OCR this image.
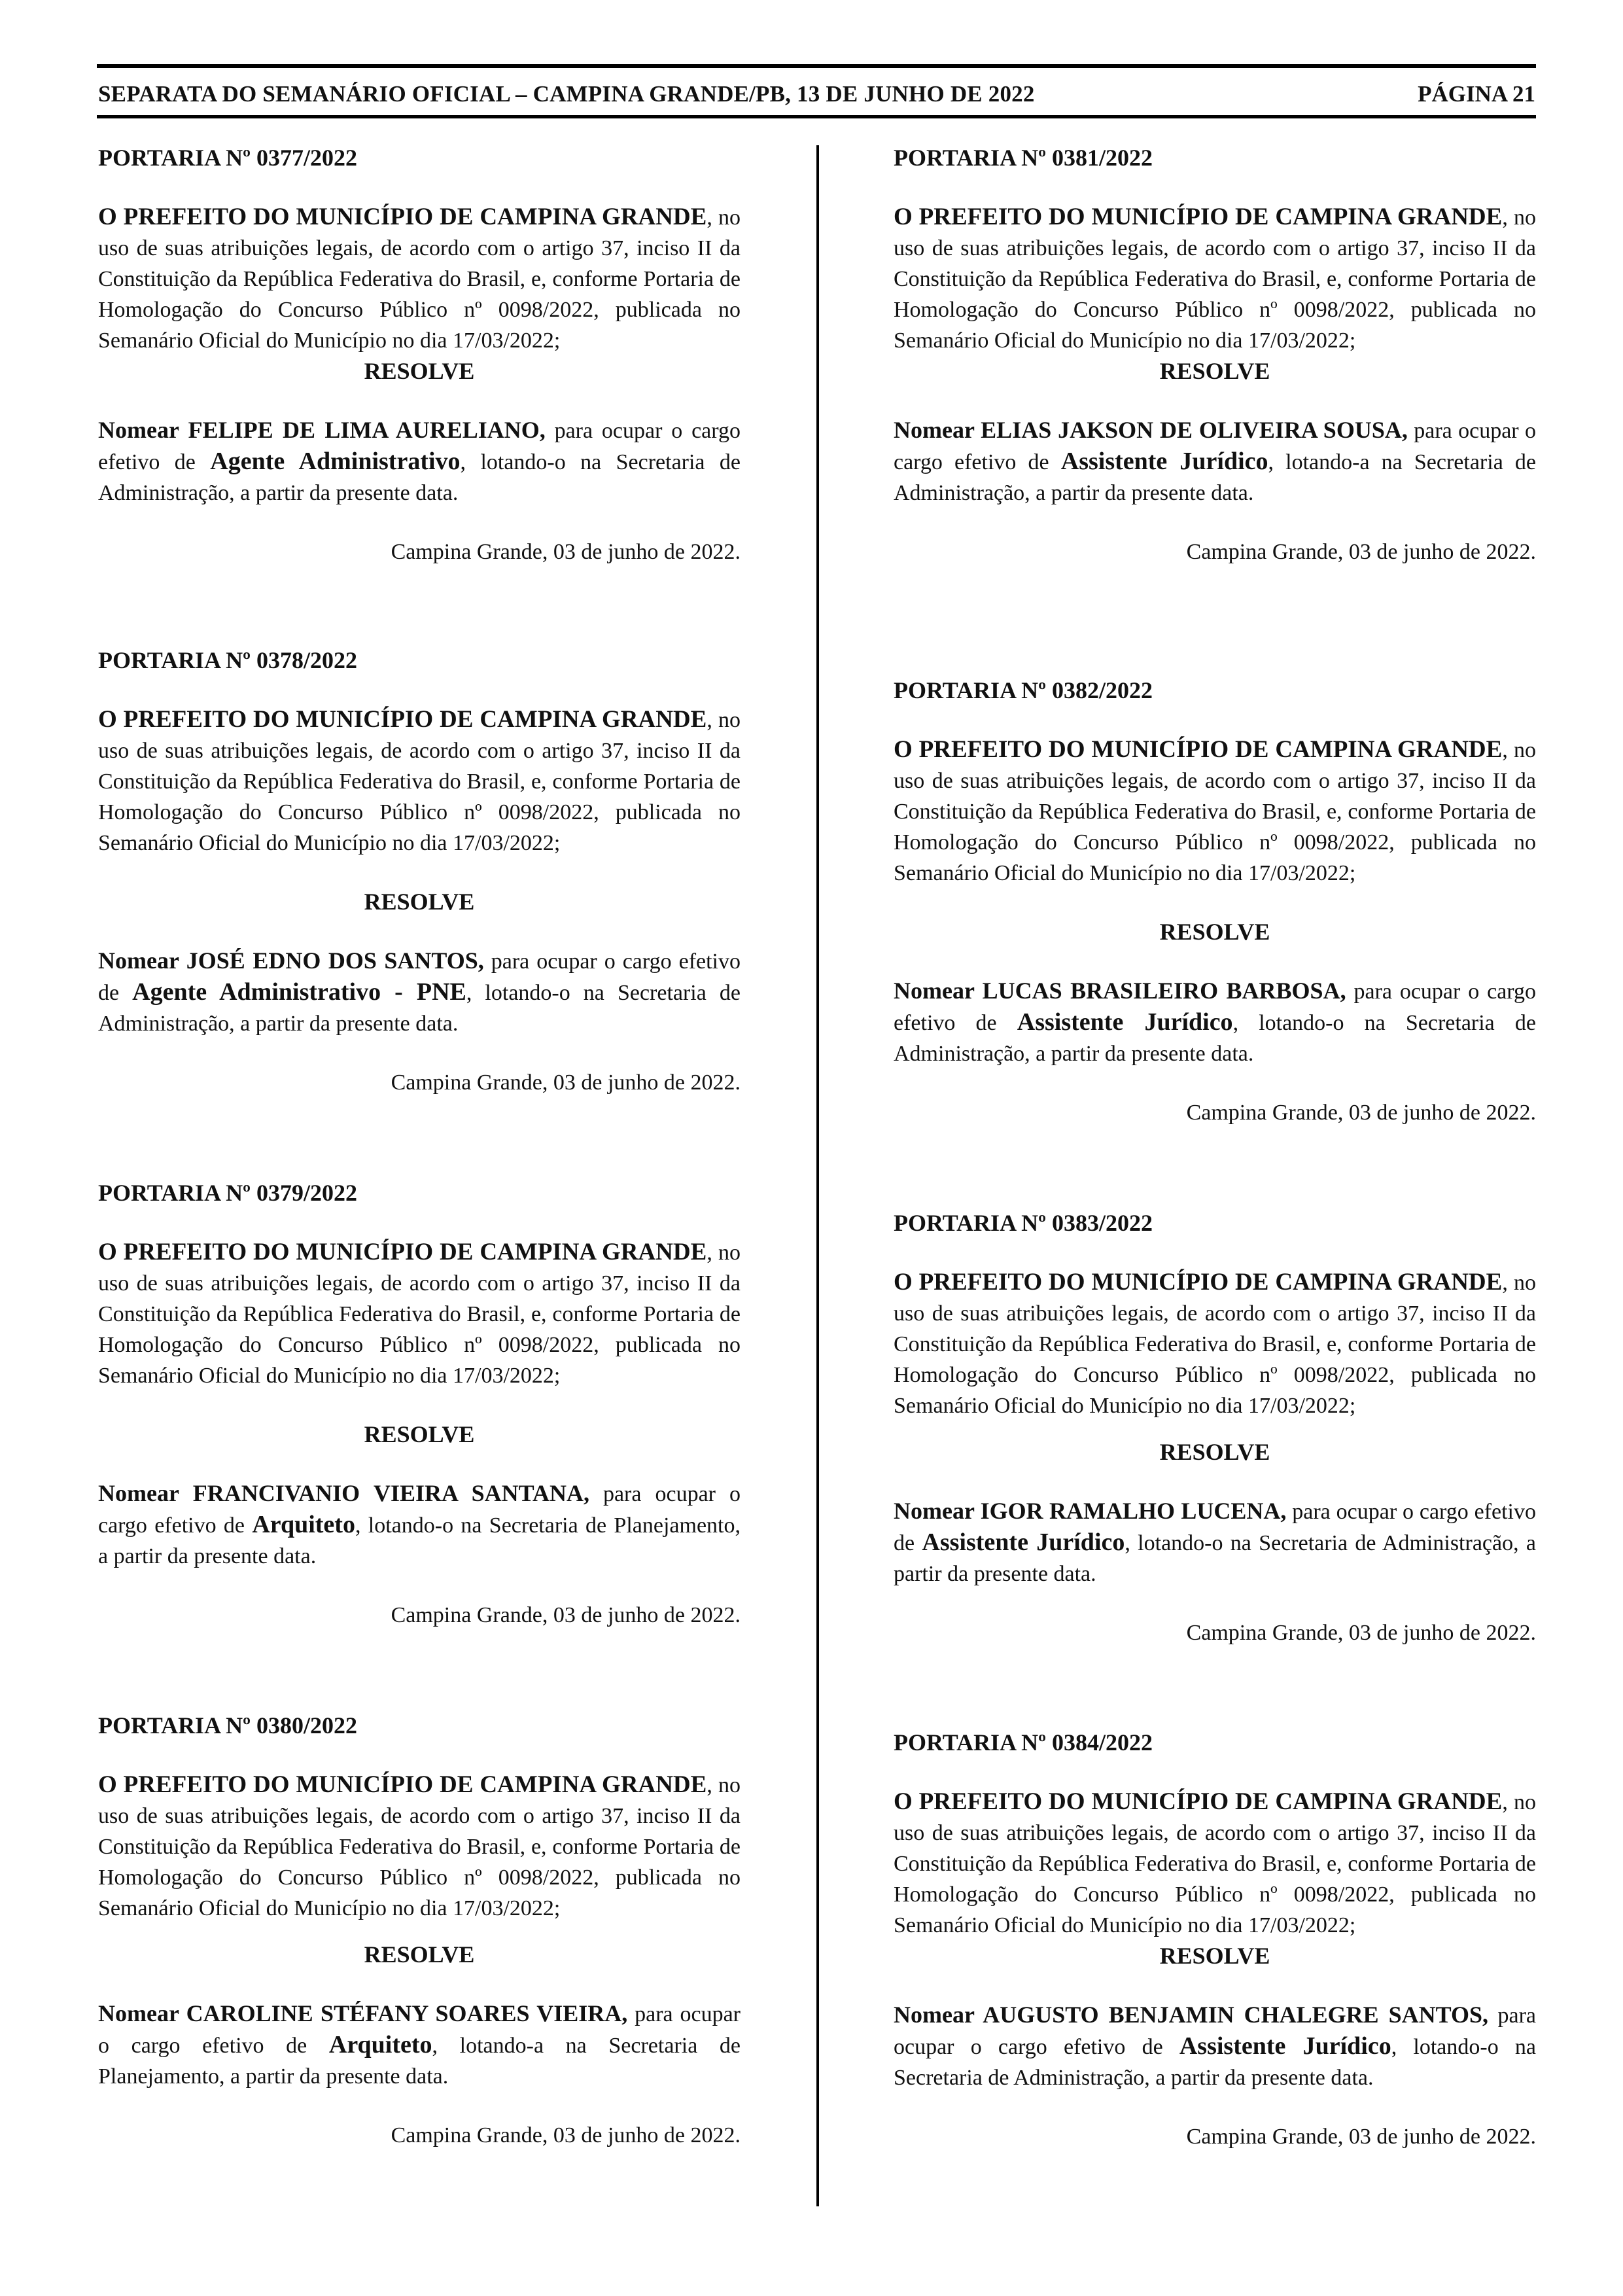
SEPARATA DO SEMANÁRIO OFICIAL – CAMPINA GRANDE/PB, 13 DE JUNHO DE 2022	PÁGINA 21
PORTARIA Nº 0377/2022
O PREFEITO DO MUNICÍPIO DE CAMPINA GRANDE, no uso de suas atribuições legais, de acordo com o artigo 37, inciso II da Constituição da República Federativa do Brasil, e, conforme Portaria de Homologação do Concurso Público nº 0098/2022, publicada no Semanário Oficial do Município no dia 17/03/2022;
RESOLVE
Nomear FELIPE DE LIMA AURELIANO, para ocupar o cargo efetivo de Agente Administrativo, lotando-o na Secretaria de Administração, a partir da presente data.
Campina Grande, 03 de junho de 2022.
PORTARIA Nº 0378/2022
O PREFEITO DO MUNICÍPIO DE CAMPINA GRANDE, no uso de suas atribuições legais, de acordo com o artigo 37, inciso II da Constituição da República Federativa do Brasil, e, conforme Portaria de Homologação do Concurso Público nº 0098/2022, publicada no Semanário Oficial do Município no dia 17/03/2022;
RESOLVE
Nomear JOSÉ EDNO DOS SANTOS, para ocupar o cargo efetivo de Agente Administrativo - PNE, lotando-o na Secretaria de Administração, a partir da presente data.
Campina Grande, 03 de junho de 2022.
PORTARIA Nº 0379/2022
O PREFEITO DO MUNICÍPIO DE CAMPINA GRANDE, no uso de suas atribuições legais, de acordo com o artigo 37, inciso II da Constituição da República Federativa do Brasil, e, conforme Portaria de Homologação do Concurso Público nº 0098/2022, publicada no Semanário Oficial do Município no dia 17/03/2022;
RESOLVE
Nomear FRANCIVANIO VIEIRA SANTANA, para ocupar o cargo efetivo de Arquiteto, lotando-o na Secretaria de Planejamento, a partir da presente data.
Campina Grande, 03 de junho de 2022.
PORTARIA Nº 0380/2022
O PREFEITO DO MUNICÍPIO DE CAMPINA GRANDE, no uso de suas atribuições legais, de acordo com o artigo 37, inciso II da Constituição da República Federativa do Brasil, e, conforme Portaria de Homologação do Concurso Público nº 0098/2022, publicada no Semanário Oficial do Município no dia 17/03/2022;
RESOLVE
Nomear CAROLINE STÉFANY SOARES VIEIRA, para ocupar o cargo efetivo de Arquiteto, lotando-a na Secretaria de Planejamento, a partir da presente data.
Campina Grande, 03 de junho de 2022.
PORTARIA Nº 0381/2022
O PREFEITO DO MUNICÍPIO DE CAMPINA GRANDE, no uso de suas atribuições legais, de acordo com o artigo 37, inciso II da Constituição da República Federativa do Brasil, e, conforme Portaria de Homologação do Concurso Público nº 0098/2022, publicada no Semanário Oficial do Município no dia 17/03/2022;
RESOLVE
Nomear ELIAS JAKSON DE OLIVEIRA SOUSA, para ocupar o cargo efetivo de Assistente Jurídico, lotando-a na Secretaria de Administração, a partir da presente data.
Campina Grande, 03 de junho de 2022.
PORTARIA Nº 0382/2022
O PREFEITO DO MUNICÍPIO DE CAMPINA GRANDE, no uso de suas atribuições legais, de acordo com o artigo 37, inciso II da Constituição da República Federativa do Brasil, e, conforme Portaria de Homologação do Concurso Público nº 0098/2022, publicada no Semanário Oficial do Município no dia 17/03/2022;
RESOLVE
Nomear LUCAS BRASILEIRO BARBOSA, para ocupar o cargo efetivo de Assistente Jurídico, lotando-o na Secretaria de Administração, a partir da presente data.
Campina Grande, 03 de junho de 2022.
PORTARIA Nº 0383/2022
O PREFEITO DO MUNICÍPIO DE CAMPINA GRANDE, no uso de suas atribuições legais, de acordo com o artigo 37, inciso II da Constituição da República Federativa do Brasil, e, conforme Portaria de Homologação do Concurso Público nº 0098/2022, publicada no Semanário Oficial do Município no dia 17/03/2022;
RESOLVE
Nomear IGOR RAMALHO LUCENA, para ocupar o cargo efetivo de Assistente Jurídico, lotando-o na Secretaria de Administração, a partir da presente data.
Campina Grande, 03 de junho de 2022.
PORTARIA Nº 0384/2022
O PREFEITO DO MUNICÍPIO DE CAMPINA GRANDE, no uso de suas atribuições legais, de acordo com o artigo 37, inciso II da Constituição da República Federativa do Brasil, e, conforme Portaria de Homologação do Concurso Público nº 0098/2022, publicada no Semanário Oficial do Município no dia 17/03/2022;
RESOLVE
Nomear AUGUSTO BENJAMIN CHALEGRE SANTOS, para ocupar o cargo efetivo de Assistente Jurídico, lotando-o na Secretaria de Administração, a partir da presente data.
Campina Grande, 03 de junho de 2022.
